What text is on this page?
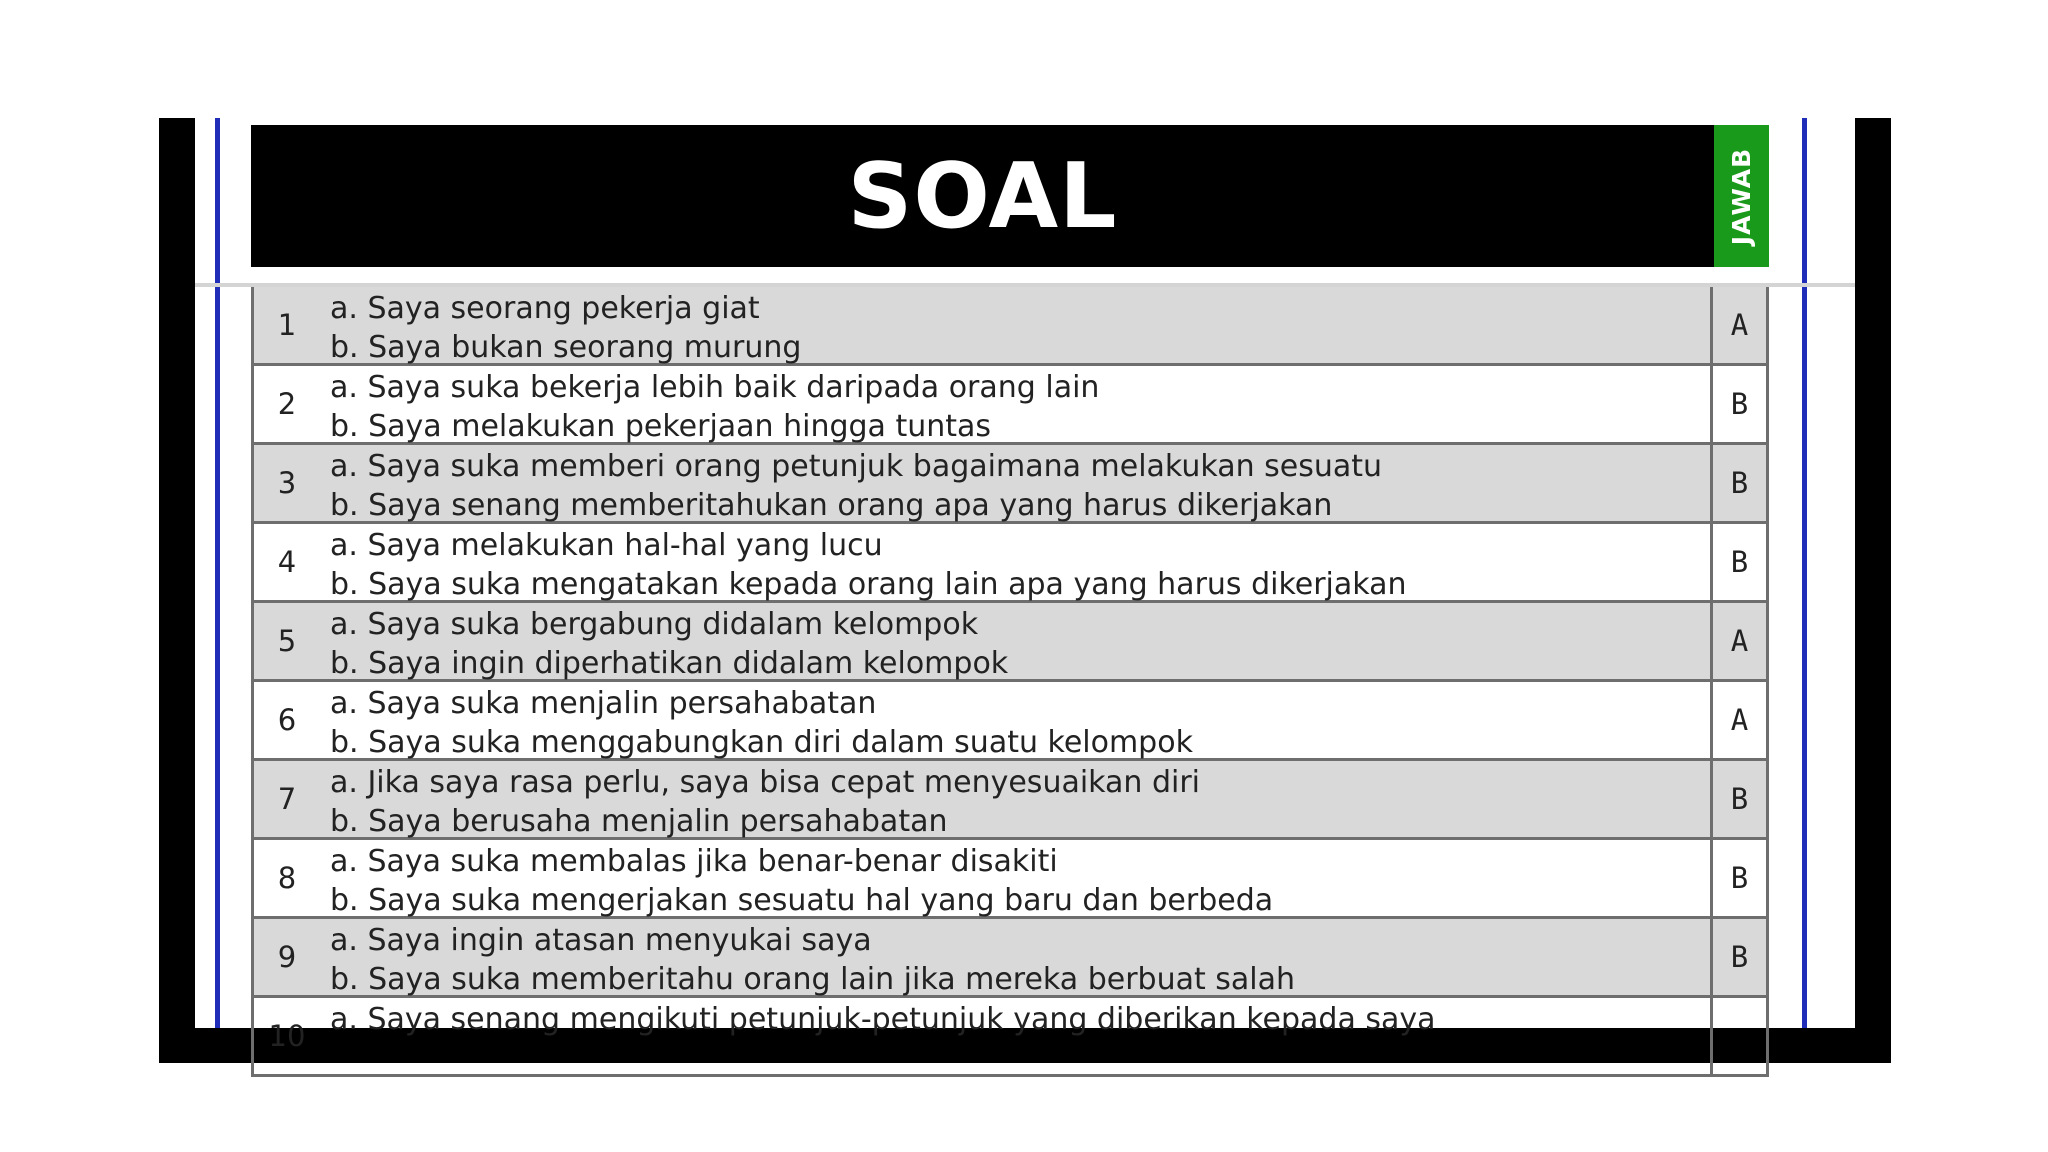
SOAL	JAWAB
1	a. Saya seorang pekerja giat
b. Saya bukan seorang murung
A
2	a. Saya suka bekerja lebih baik daripada orang lain
b. Saya melakukan pekerjaan hingga tuntas
B
3	a. Saya suka memberi orang petunjuk bagaimana melakukan sesuatu
b. Saya senang memberitahukan orang apa yang harus dikerjakan
B
4	a. Saya melakukan hal-hal yang lucu
b. Saya suka mengatakan kepada orang lain apa yang harus dikerjakan
B
5	a. Saya suka bergabung didalam kelompok
b. Saya ingin diperhatikan didalam kelompok
A
6	a. Saya suka menjalin persahabatan
b. Saya suka menggabungkan diri dalam suatu kelompok
A
7	a. Jika saya rasa perlu, saya bisa cepat menyesuaikan diri
b. Saya berusaha menjalin persahabatan
B
8	a. Saya suka membalas jika benar-benar disakiti
b. Saya suka mengerjakan sesuatu hal yang baru dan berbeda
B
9	a. Saya ingin atasan menyukai saya
b. Saya suka memberitahu orang lain jika mereka berbuat salah
B
10 a. Saya senang mengikuti petunjuk-petunjuk yang diberikan kepada saya
